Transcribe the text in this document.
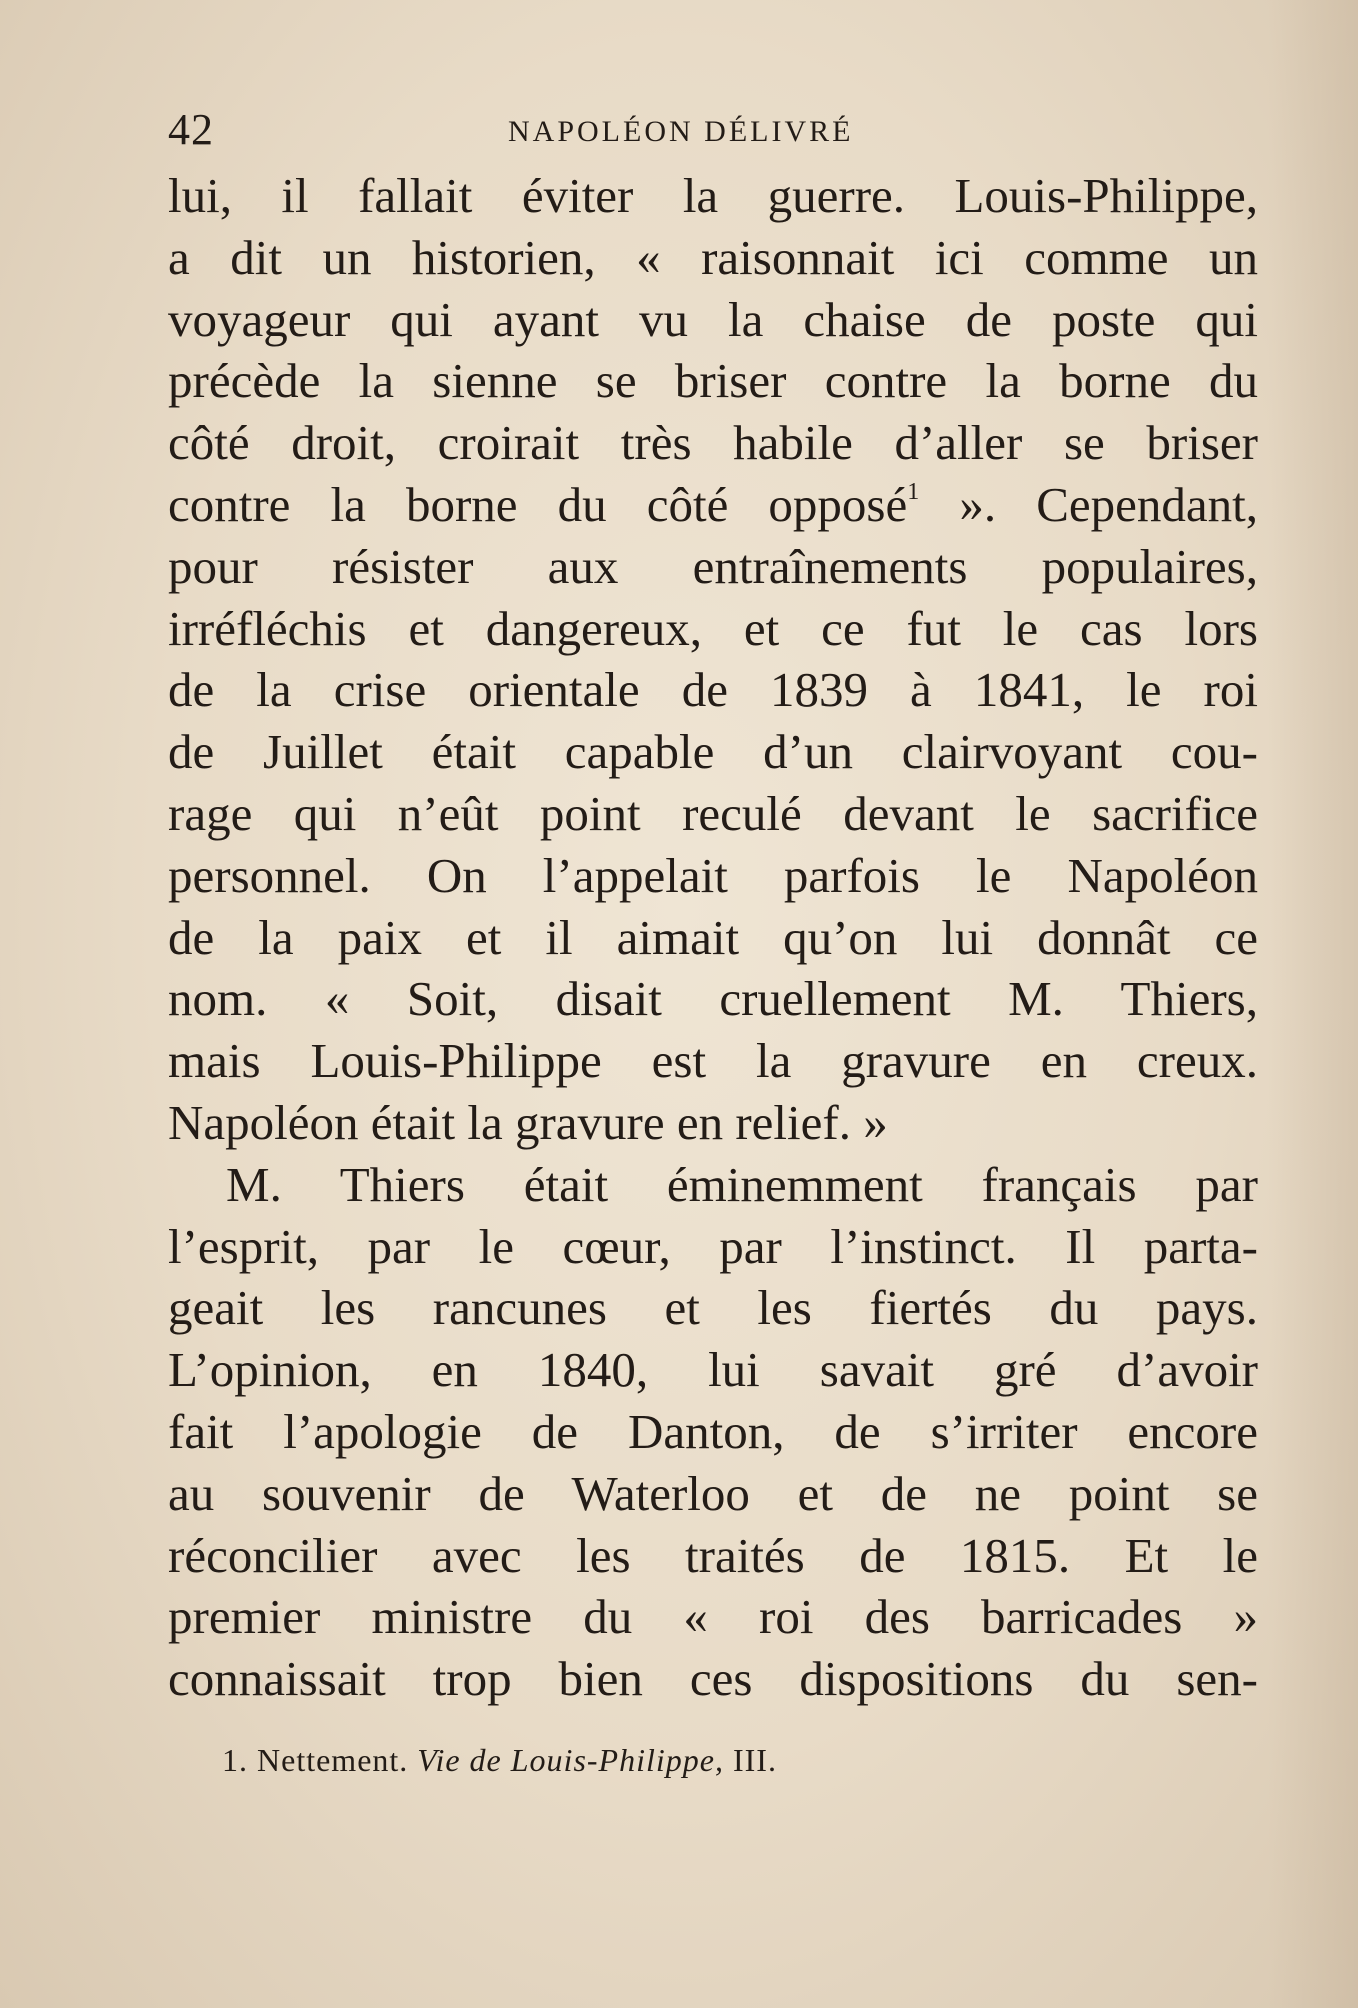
42	NAPOLÉON DÉLIVRÉ
lui, il fallait éviter la guerre. Louis-Philippe,
a dit un historien, « raisonnait ici comme un
voyageur qui ayant vu la chaise de poste qui
précède la sienne se briser contre la borne du
côté droit, croirait très habile d’aller se briser
contre la borne du côté opposé$^1$ ». Cependant,
pour résister aux entraînements populaires,
irréfléchis et dangereux, et ce fut le cas lors
de la crise orientale de 1839 à 1841, le roi
de Juillet était capable d’un clairvoyant cou-
rage qui n’eût point reculé devant le sacrifice
personnel. On l’appelait parfois le Napoléon
de la paix et il aimait qu’on lui donnât ce
nom. « Soit, disait cruellement M. Thiers,
mais Louis-Philippe est la gravure en creux.
Napoléon était la gravure en relief. »
M. Thiers était éminemment français par
l’esprit, par le cœur, par l’instinct. Il parta-
geait les rancunes et les fiertés du pays.
L’opinion, en 1840, lui savait gré d’avoir
fait l’apologie de Danton, de s’irriter encore
au souvenir de Waterloo et de ne point se
réconcilier avec les traités de 1815. Et le
premier ministre du « roi des barricades »
connaissait trop bien ces dispositions du sen-
1. Nettement. Vie de Louis-Philippe, III.
